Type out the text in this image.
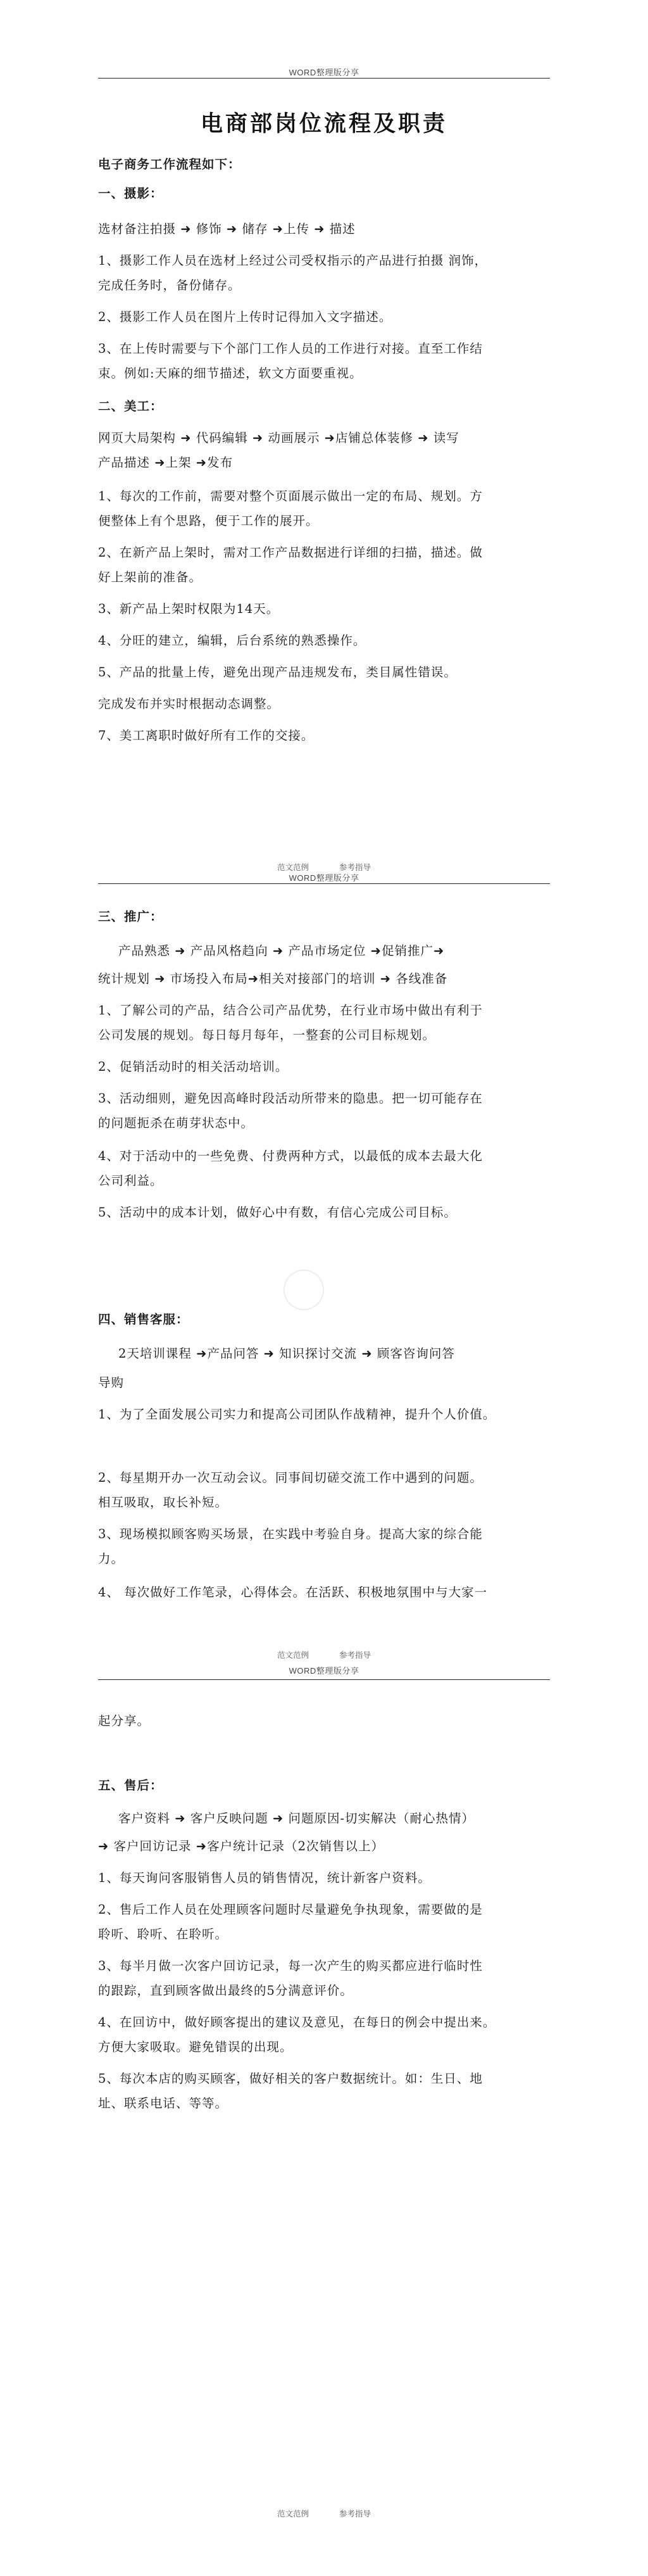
WORD整理版分享
电商部岗位流程及职责
电子商务工作流程如下：
一、摄影：
选材备注拍摄 ➜ 修饰 ➜ 储存 ➜上传 ➜ 描述
1、摄影工作人员在选材上经过公司受权指示的产品进行拍摄 润饰，
完成任务时，备份储存。
2、摄影工作人员在图片上传时记得加入文字描述。
3、在上传时需要与下个部门工作人员的工作进行对接。直至工作结
束。例如:天麻的细节描述，软文方面要重视。
二、美工：
网页大局架构 ➜ 代码编辑 ➜ 动画展示 ➜店铺总体装修 ➜ 读写
产品描述 ➜上架 ➜发布
1、每次的工作前，需要对整个页面展示做出一定的布局、规划。方
便整体上有个思路，便于工作的展开。
2、在新产品上架时，需对工作产品数据进行详细的扫描，描述。做
好上架前的准备。
3、新产品上架时权限为14天。
4、分旺的建立，编辑，后台系统的熟悉操作。
5、产品的批量上传，避免出现产品违规发布，类目属性错误。
完成发布并实时根据动态调整。
7、美工离职时做好所有工作的交接。
范文范例	参考指导
WORD整理版分享
三、推广：
产品熟悉 ➜ 产品风格趋向 ➜ 产品市场定位 ➜促销推广➜
统计规划 ➜ 市场投入布局➜相关对接部门的培训 ➜ 各线准备
1、了解公司的产品，结合公司产品优势，在行业市场中做出有利于
公司发展的规划。每日每月每年，一整套的公司目标规划。
2、促销活动时的相关活动培训。
3、活动细则，避免因高峰时段活动所带来的隐患。把一切可能存在
的问题扼杀在萌芽状态中。
4、对于活动中的一些免费、付费两种方式，以最低的成本去最大化
公司利益。
5、活动中的成本计划，做好心中有数，有信心完成公司目标。
四、销售客服：
2天培训课程 ➜产品问答 ➜ 知识探讨交流 ➜ 顾客咨询问答
导购
1、为了全面发展公司实力和提高公司团队作战精神，提升个人价值。
2、每星期开办一次互动会议。同事间切磋交流工作中遇到的问题。
相互吸取，取长补短。
3、现场模拟顾客购买场景，在实践中考验自身。提高大家的综合能
力。
4、 每次做好工作笔录，心得体会。在活跃、积极地氛围中与大家一
范文范例	参考指导
WORD整理版分享
起分享。
五、售后：
客户资料 ➜ 客户反映问题 ➜ 问题原因-切实解决（耐心热情）
➜ 客户回访记录 ➜客户统计记录（2次销售以上）
1、每天询问客服销售人员的销售情况，统计新客户资料。
2、售后工作人员在处理顾客问题时尽量避免争执现象，需要做的是
聆听、聆听、在聆听。
3、每半月做一次客户回访记录，每一次产生的购买都应进行临时性
的跟踪，直到顾客做出最终的5分满意评价。
4、在回访中，做好顾客提出的建议及意见，在每日的例会中提出来。
方便大家吸取。避免错误的出现。
5、每次本店的购买顾客，做好相关的客户数据统计。如：生日、地
址、联系电话、等等。
范文范例	参考指导
